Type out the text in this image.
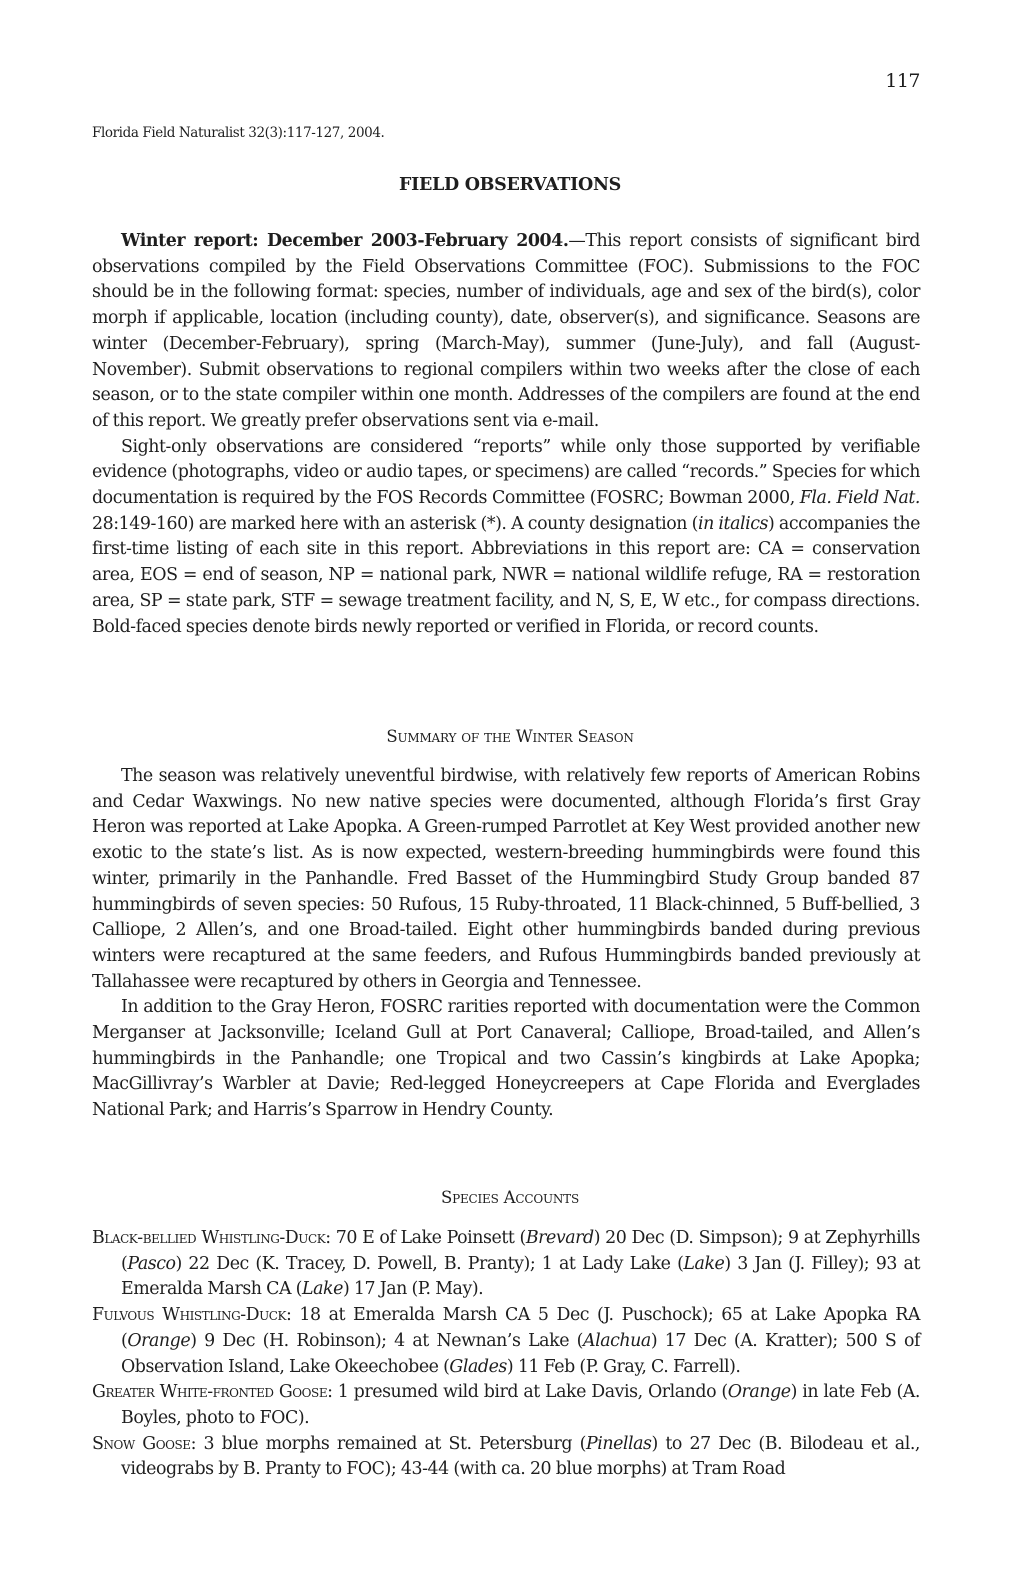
117
Florida Field Naturalist 32(3):117-127, 2004.
FIELD OBSERVATIONS

Winter report: December 2003-February 2004.—This report consists of significant bird observations compiled by the Field Observations Committee (FOC). Submissions to the FOC should be in the following format: species, number of individuals, age and sex of the bird(s), color morph if applicable, location (including county), date, observer(s), and significance. Seasons are winter (December-February), spring (March-May), summer (June-July), and fall (August-November). Submit observations to regional compilers within two weeks after the close of each season, or to the state compiler within one month. Addresses of the compilers are found at the end of this report. We greatly prefer observations sent via e-mail.

Sight-only observations are considered “reports” while only those supported by verifiable evidence (photographs, video or audio tapes, or specimens) are called “records.” Species for which documentation is required by the FOS Records Committee (FOSRC; Bowman 2000, Fla. Field Nat. 28:149-160) are marked here with an asterisk (*). A county designation (in italics) accompanies the first-time listing of each site in this report. Abbreviations in this report are: CA = conservation area, EOS = end of season, NP = national park, NWR = national wildlife refuge, RA = restoration area, SP = state park, STF = sewage treatment facility, and N, S, E, W etc., for compass directions. Bold-faced species denote birds newly reported or verified in Florida, or record counts.

Summary of the Winter Season

The season was relatively uneventful birdwise, with relatively few reports of American Robins and Cedar Waxwings. No new native species were documented, although Florida’s first Gray Heron was reported at Lake Apopka. A Green-rumped Parrotlet at Key West provided another new exotic to the state’s list. As is now expected, western-breeding hummingbirds were found this winter, primarily in the Panhandle. Fred Basset of the Hummingbird Study Group banded 87 hummingbirds of seven species: 50 Rufous, 15 Ruby-throated, 11 Black-chinned, 5 Buff-bellied, 3 Calliope, 2 Allen’s, and one Broad-tailed. Eight other hummingbirds banded during previous winters were recaptured at the same feeders, and Rufous Hummingbirds banded previously at Tallahassee were recaptured by others in Georgia and Tennessee.

In addition to the Gray Heron, FOSRC rarities reported with documentation were the Common Merganser at Jacksonville; Iceland Gull at Port Canaveral; Calliope, Broad-tailed, and Allen’s hummingbirds in the Panhandle; one Tropical and two Cassin’s kingbirds at Lake Apopka; MacGillivray’s Warbler at Davie; Red-legged Honeycreepers at Cape Florida and Everglades National Park; and Harris’s Sparrow in Hendry County.

Species Accounts

Black-bellied Whistling-Duck: 70 E of Lake Poinsett (Brevard) 20 Dec (D. Simpson); 9 at Zephyrhills (Pasco) 22 Dec (K. Tracey, D. Powell, B. Pranty); 1 at Lady Lake (Lake) 3 Jan (J. Filley); 93 at Emeralda Marsh CA (Lake) 17 Jan (P. May).

Fulvous Whistling-Duck: 18 at Emeralda Marsh CA 5 Dec (J. Puschock); 65 at Lake Apopka RA (Orange) 9 Dec (H. Robinson); 4 at Newnan’s Lake (Alachua) 17 Dec (A. Kratter); 500 S of Observation Island, Lake Okeechobee (Glades) 11 Feb (P. Gray, C. Farrell).

Greater White-fronted Goose: 1 presumed wild bird at Lake Davis, Orlando (Orange) in late Feb (A. Boyles, photo to FOC).

Snow Goose: 3 blue morphs remained at St. Petersburg (Pinellas) to 27 Dec (B. Bilodeau et al., videograbs by B. Pranty to FOC); 43-44 (with ca. 20 blue morphs) at Tram Road
